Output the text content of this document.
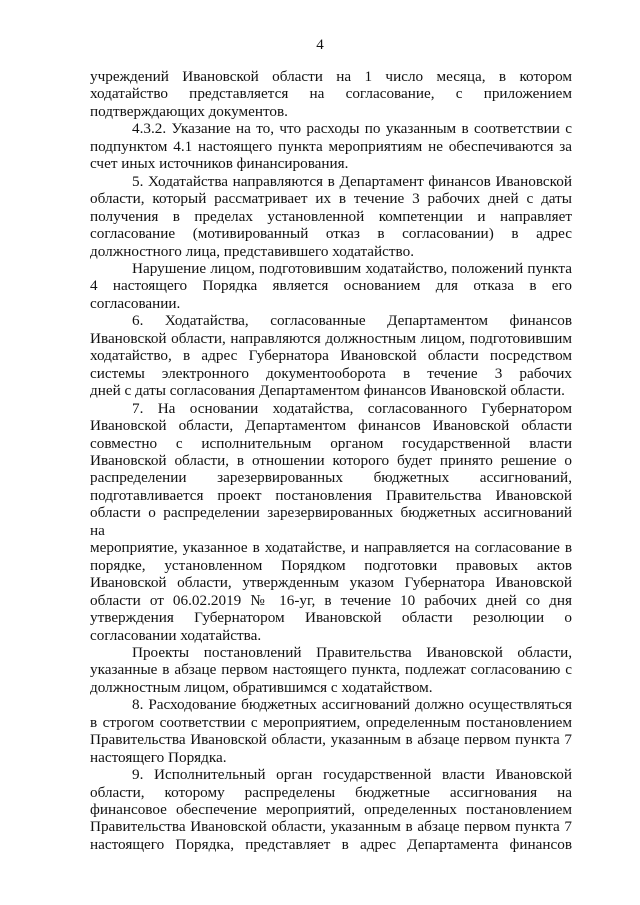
4

учреждений Ивановской области на 1 число месяца, в котором

ходатайство представляется на согласование, с приложением

подтверждающих документов.

4.3.2. Указание на то, что расходы по указанным в соответствии с

подпунктом 4.1 настоящего пункта мероприятиям не обеспечиваются за

счет иных источников финансирования.

5. Ходатайства направляются в Департамент финансов Ивановской

области, который рассматривает их в течение 3 рабочих дней с даты

получения в пределах установленной компетенции и направляет

согласование (мотивированный отказ в согласовании) в адрес

должностного лица, представившего ходатайство.

Нарушение лицом, подготовившим ходатайство, положений пункта

4 настоящего Порядка является основанием для отказа в его

согласовании.

6. Ходатайства, согласованные Департаментом финансов

Ивановской области, направляются должностным лицом, подготовившим

ходатайство, в адрес Губернатора Ивановской области посредством

системы электронного документооборота в течение 3 рабочих

дней с даты согласования Департаментом финансов Ивановской области.

7. На основании ходатайства, согласованного Губернатором

Ивановской области, Департаментом финансов Ивановской области

совместно с исполнительным органом государственной власти

Ивановской области, в отношении которого будет принято решение о

распределении зарезервированных бюджетных ассигнований,

подготавливается проект постановления Правительства Ивановской

области о распределении зарезервированных бюджетных ассигнований на

мероприятие, указанное в ходатайстве, и направляется на согласование в

порядке, установленном Порядком подготовки правовых актов

Ивановской области, утвержденным указом Губернатора Ивановской

области от 06.02.2019 № 16-уг, в течение 10 рабочих дней со дня

утверждения Губернатором Ивановской области резолюции о

согласовании ходатайства.

Проекты постановлений Правительства Ивановской области,

указанные в абзаце первом настоящего пункта, подлежат согласованию с

должностным лицом, обратившимся с ходатайством.

8. Расходование бюджетных ассигнований должно осуществляться

в строгом соответствии с мероприятием, определенным постановлением

Правительства Ивановской области, указанным в абзаце первом пункта 7

настоящего Порядка.

9. Исполнительный орган государственной власти Ивановской

области, которому распределены бюджетные ассигнования на

финансовое обеспечение мероприятий, определенных постановлением

Правительства Ивановской области, указанным в абзаце первом пункта 7

настоящего Порядка, представляет в адрес Департамента финансов
